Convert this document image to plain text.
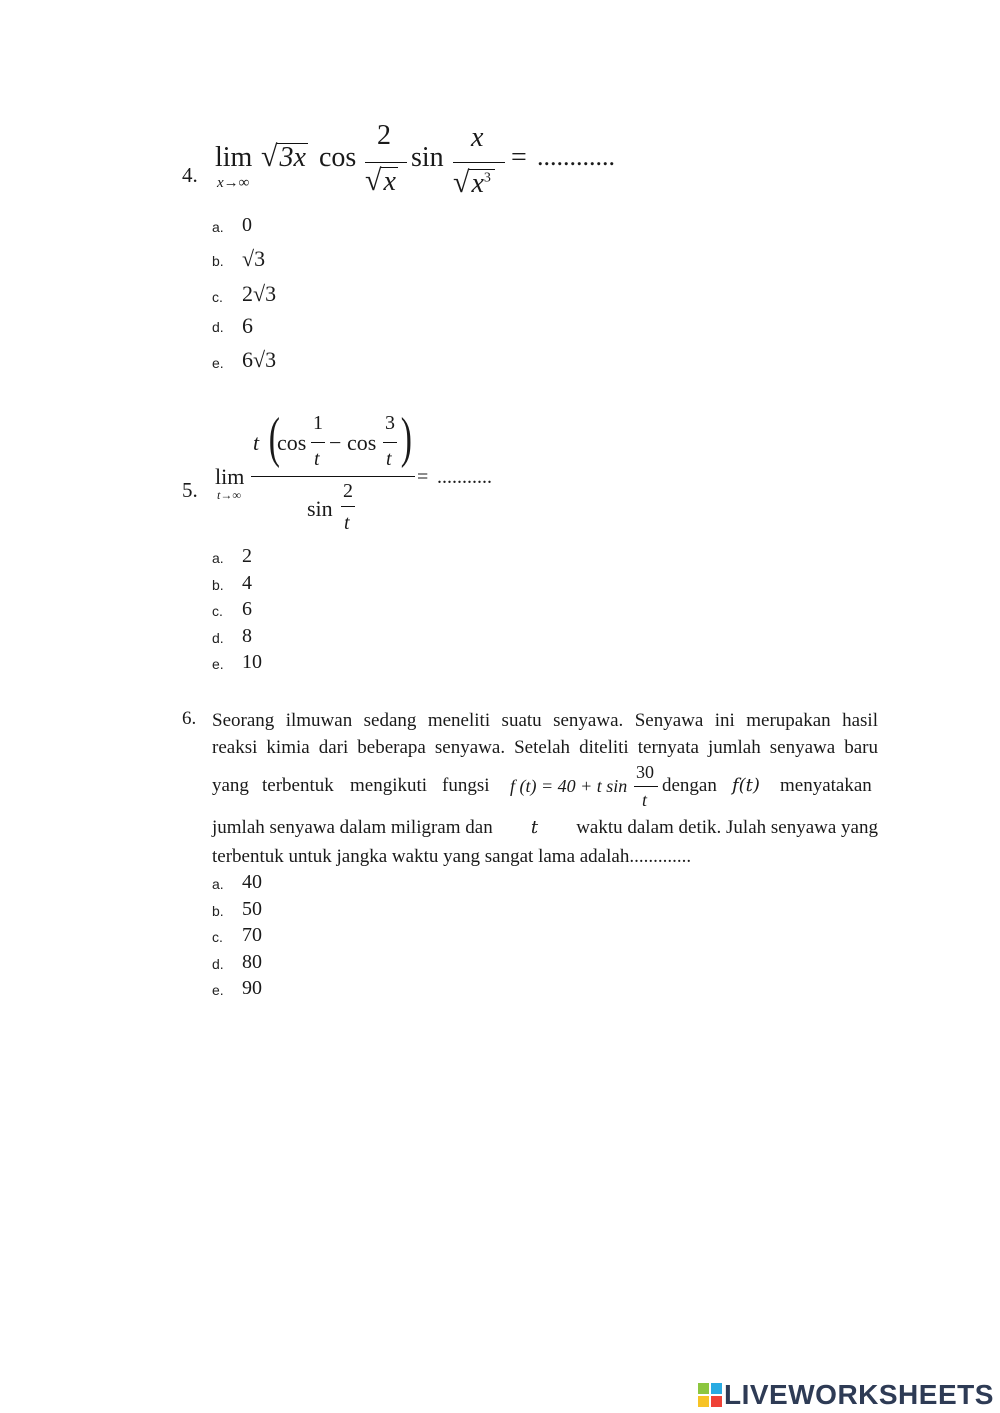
4.
lim
x→∞
√3x cos
2
√x
sin
x
$√x^3$
= ............
a. 0
b. √3
c. 2√3
d. 6
e. 6√3
5.
lim
t→∞
t (
cos
1
t
− cos
3
t )
sin
2
t
= ...........
a. 2
b. 4
c. 6
d. 8
e. 10
6. Seorang ilmuwan sedang meneliti suatu senyawa. Senyawa ini merupakan hasil
reaksi kimia dari beberapa senyawa. Setelah diteliti ternyata jumlah senyawa baru
yang terbentuk mengikuti fungsi f (t) = 40 + t sin
30
t
dengan f(t) menyatakan
jumlah senyawa dalam miligram dan t waktu dalam detik. Julah senyawa yang
terbentuk untuk jangka waktu yang sangat lama adalah.............
a. 40
b. 50
c. 70
d. 80
e. 90
LIVEWORKSHEETS
